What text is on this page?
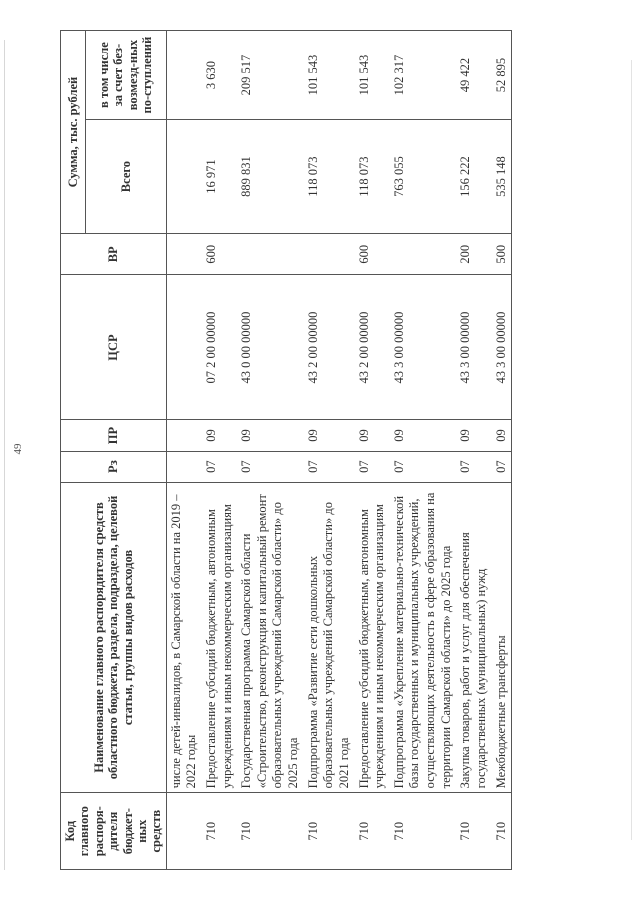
49
Код главного распоря-дителя бюджет-ных средств	Наименование главного распорядителя средств областного бюджета, раздела, подраздела, целевой статьи, группы видов расходов	Рз	ПР	ЦСР	ВР	Сумма, тыс. рублей	
						Всего	в том числе за счет без-возмезд-ных по-ступлений
	числе детей-инвалидов, в Самарской области на 2019 – 2022 годы						
710	Предоставление субсидий бюджетным, автономным учреждениям и иным некоммерческим организациям	07	09	07 2 00 00000	600	16 971	3 630
710	Государственная программа Самарской области «Строительство, реконструкция и капитальный ремонт образовательных учреждений Самарской области» до 2025 года	07	09	43 0 00 00000		889 831	209 517
710	Подпрограмма «Развитие сети дошкольных образовательных учреждений Самарской области» до 2021 года	07	09	43 2 00 00000		118 073	101 543
710	Предоставление субсидий бюджетным, автономным учреждениям и иным некоммерческим организациям	07	09	43 2 00 00000	600	118 073	101 543
710	Подпрограмма «Укрепление материально-технической базы государственных и муниципальных учреждений, осуществляющих деятельность в сфере образования на территории Самарской области» до 2025 года	07	09	43 3 00 00000		763 055	102 317
710	Закупка товаров, работ и услуг для обеспечения государственных (муниципальных) нужд	07	09	43 3 00 00000	200	156 222	49 422
710	Межбюджетные трансферты	07	09	43 3 00 00000	500	535 148	52 895
